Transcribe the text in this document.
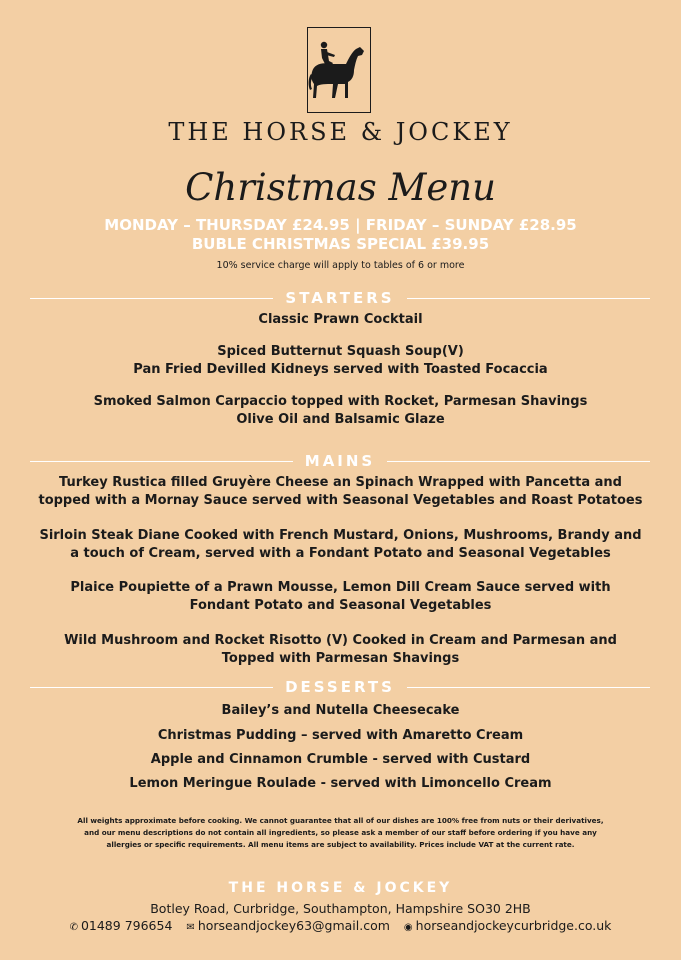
THE HORSE & JOCKEY
Christmas Menu
MONDAY – THURSDAY £24.95 | FRIDAY – SUNDAY £28.95
BUBLE CHRISTMAS SPECIAL £39.95
10% service charge will apply to tables of 6 or more
STARTERS
Classic Prawn Cocktail
Spiced Butternut Squash Soup(V)
Pan Fried Devilled Kidneys served with Toasted Focaccia
Smoked Salmon Carpaccio topped with Rocket, Parmesan Shavings
Olive Oil and Balsamic Glaze
MAINS
Turkey Rustica filled Gruyère Cheese an Spinach Wrapped with Pancetta and
topped with a Mornay Sauce served with Seasonal Vegetables and Roast Potatoes
Sirloin Steak Diane Cooked with French Mustard, Onions, Mushrooms, Brandy and
a touch of Cream, served with a Fondant Potato and Seasonal Vegetables
Plaice Poupiette of a Prawn Mousse, Lemon Dill Cream Sauce served with
Fondant Potato and Seasonal Vegetables
Wild Mushroom and Rocket Risotto (V) Cooked in Cream and Parmesan and
Topped with Parmesan Shavings
DESSERTS
Bailey’s and Nutella Cheesecake
Christmas Pudding – served with Amaretto Cream
Apple and Cinnamon Crumble - served with Custard
Lemon Meringue Roulade - served with Limoncello Cream
All weights approximate before cooking. We cannot guarantee that all of our dishes are 100% free from nuts or their derivatives,
and our menu descriptions do not contain all ingredients, so please ask a member of our staff before ordering if you have any
allergies or specific requirements. All menu items are subject to availability. Prices include VAT at the current rate.
THE HORSE & JOCKEY
Botley Road, Curbridge, Southampton, Hampshire SO30 2HB
✆ 01489 796654 ✉ horseandjockey63@gmail.com ◉ horseandjockeycurbridge.co.uk
